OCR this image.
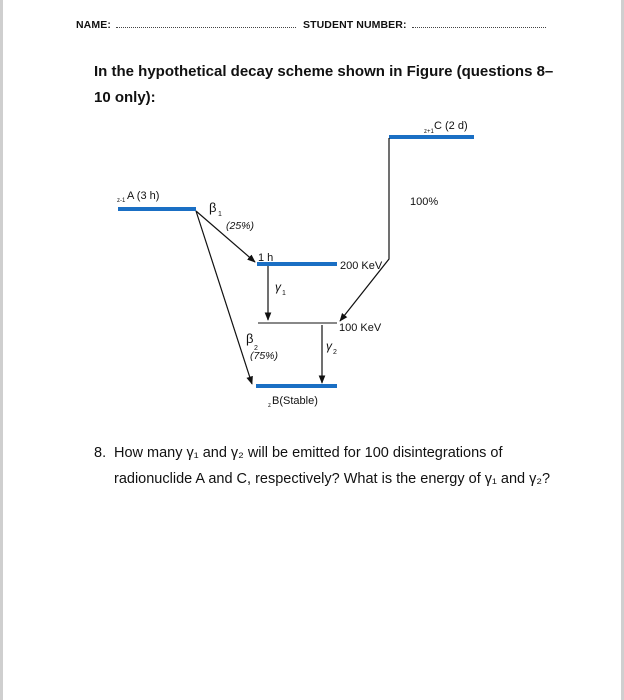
NAME:	STUDENT NUMBER:
In the hypothetical decay scheme shown in Figure (questions 8–10 only):
z-1 A (3 h)
z+1 C (2 d)
100%
β 1
(25%)
1 h
200 KeV
γ 1
100 KeV
β
2
(75%)
γ 2
z B(Stable)
8. How many γ₁ and γ₂ will be emitted for 100 disintegrations of radionuclide A and C, respectively? What is the energy of γ₁ and γ₂?
